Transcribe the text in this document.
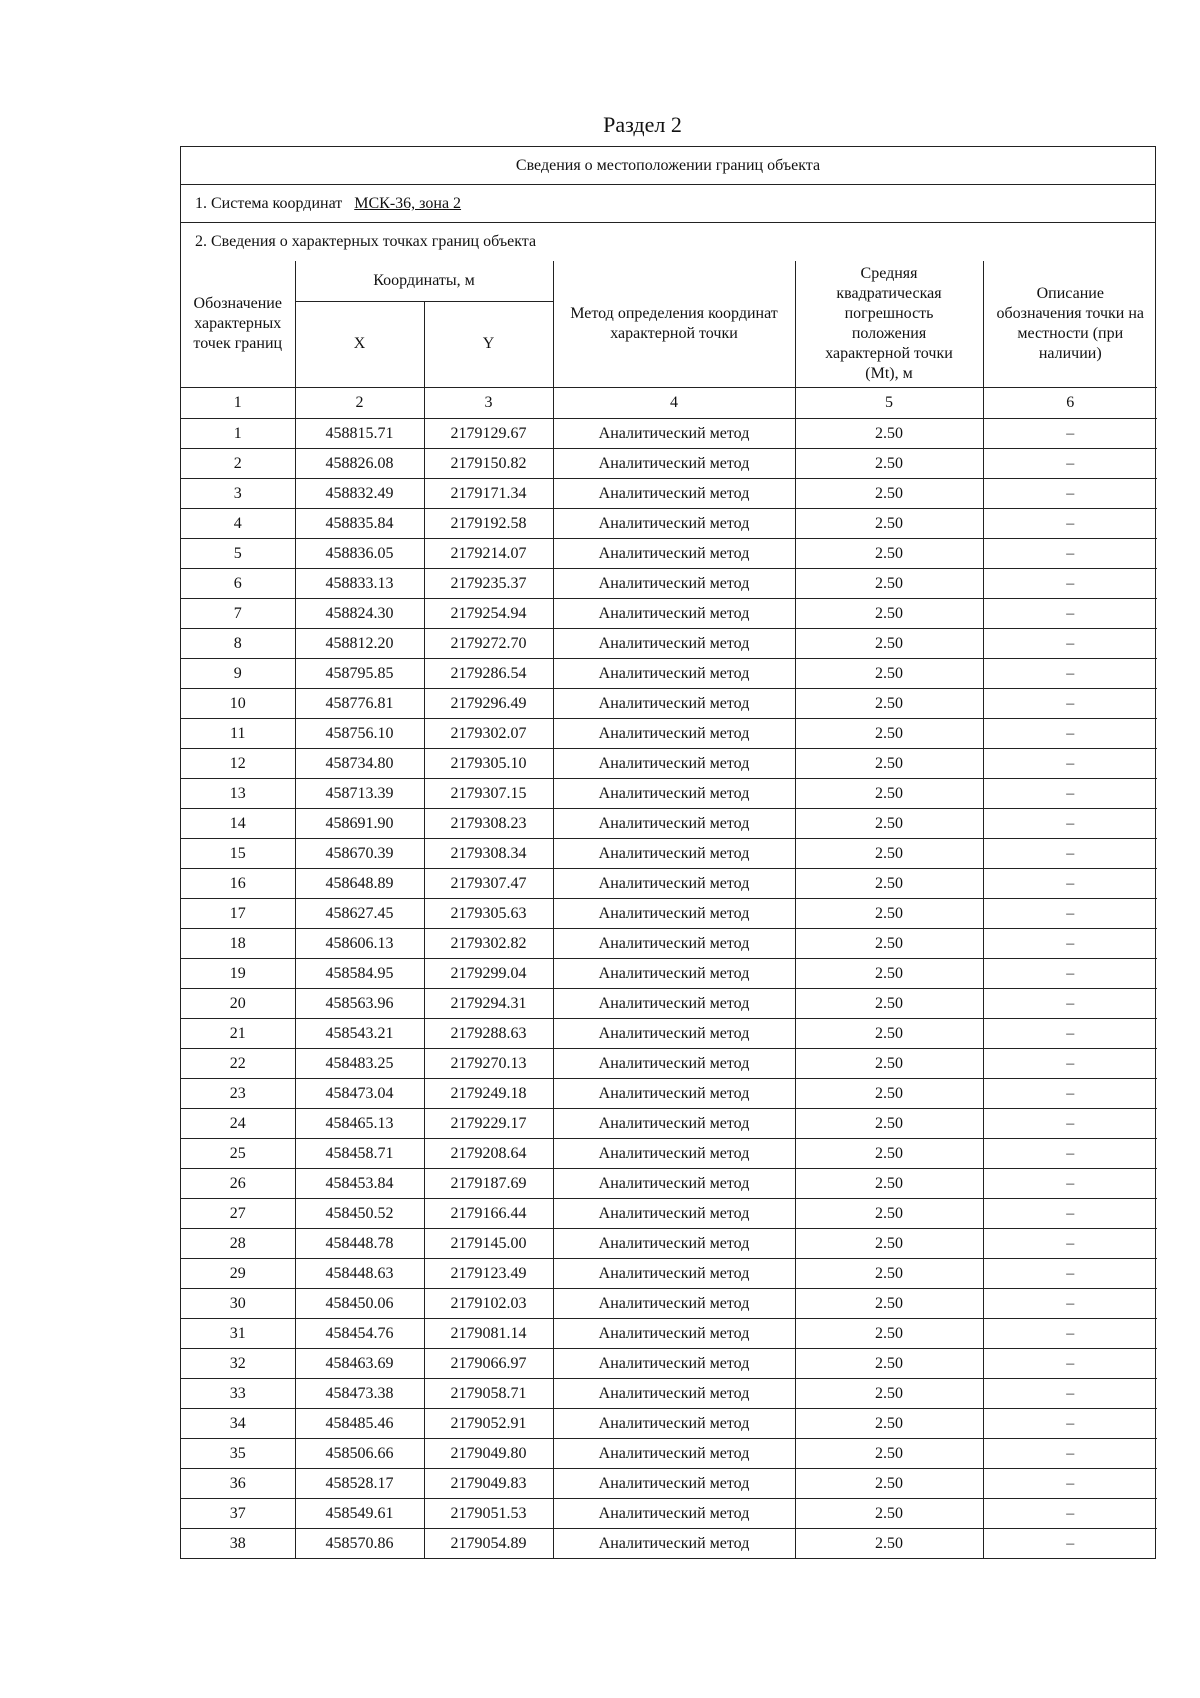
Раздел 2
Сведения о местоположении границ объекта
1. Система координат МСК-36, зона 2
2. Сведения о характерных точках границ объекта
Обозначение характерных точек границ	Координаты, м		Метод определения координат характерной точки	Средняя квадратическая погрешность положения характерной точки (Mt), м	Описание обозначения точки на местности (при наличии)
	X	Y			
1	2	3	4	5	6
1	458815.71	2179129.67	Аналитический метод	2.50	–
2	458826.08	2179150.82	Аналитический метод	2.50	–
3	458832.49	2179171.34	Аналитический метод	2.50	–
4	458835.84	2179192.58	Аналитический метод	2.50	–
5	458836.05	2179214.07	Аналитический метод	2.50	–
6	458833.13	2179235.37	Аналитический метод	2.50	–
7	458824.30	2179254.94	Аналитический метод	2.50	–
8	458812.20	2179272.70	Аналитический метод	2.50	–
9	458795.85	2179286.54	Аналитический метод	2.50	–
10	458776.81	2179296.49	Аналитический метод	2.50	–
11	458756.10	2179302.07	Аналитический метод	2.50	–
12	458734.80	2179305.10	Аналитический метод	2.50	–
13	458713.39	2179307.15	Аналитический метод	2.50	–
14	458691.90	2179308.23	Аналитический метод	2.50	–
15	458670.39	2179308.34	Аналитический метод	2.50	–
16	458648.89	2179307.47	Аналитический метод	2.50	–
17	458627.45	2179305.63	Аналитический метод	2.50	–
18	458606.13	2179302.82	Аналитический метод	2.50	–
19	458584.95	2179299.04	Аналитический метод	2.50	–
20	458563.96	2179294.31	Аналитический метод	2.50	–
21	458543.21	2179288.63	Аналитический метод	2.50	–
22	458483.25	2179270.13	Аналитический метод	2.50	–
23	458473.04	2179249.18	Аналитический метод	2.50	–
24	458465.13	2179229.17	Аналитический метод	2.50	–
25	458458.71	2179208.64	Аналитический метод	2.50	–
26	458453.84	2179187.69	Аналитический метод	2.50	–
27	458450.52	2179166.44	Аналитический метод	2.50	–
28	458448.78	2179145.00	Аналитический метод	2.50	–
29	458448.63	2179123.49	Аналитический метод	2.50	–
30	458450.06	2179102.03	Аналитический метод	2.50	–
31	458454.76	2179081.14	Аналитический метод	2.50	–
32	458463.69	2179066.97	Аналитический метод	2.50	–
33	458473.38	2179058.71	Аналитический метод	2.50	–
34	458485.46	2179052.91	Аналитический метод	2.50	–
35	458506.66	2179049.80	Аналитический метод	2.50	–
36	458528.17	2179049.83	Аналитический метод	2.50	–
37	458549.61	2179051.53	Аналитический метод	2.50	–
38	458570.86	2179054.89	Аналитический метод	2.50	–
